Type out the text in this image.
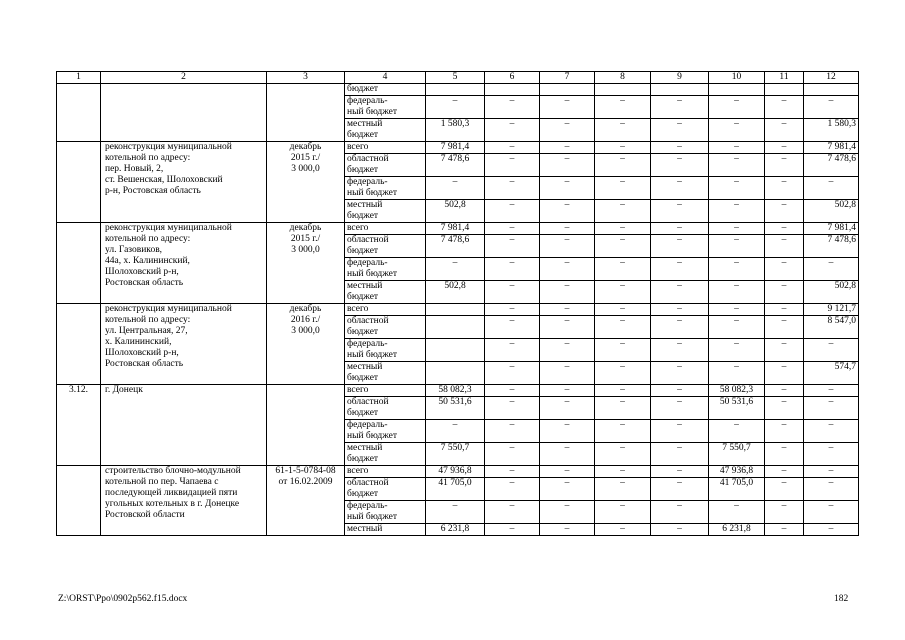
1	2	3	4	5	6	7	8	9	10	11	12
			бюджет								
			федераль-
ный бюджет	–	–	–	–	–	–	–	–
			местный
бюджет	1 580,3	–	–	–	–	–	–	1 580,3
	реконструкция муниципальной котельной по адресу:
пер. Новый, 2,
ст. Вешенская, Шолоховский
р-н, Ростовская область	декабрь
2015 г./
3 000,0	всего	7 981,4	–	–	–	–	–	–	7 981,4
			областной
бюджет	7 478,6	–	–	–	–	–	–	7 478,6
			федераль-
ный бюджет	–	–	–	–	–	–	–	–
			местный
бюджет	502,8	–	–	–	–	–	–	502,8
	реконструкция муниципальной котельной по адресу:
ул. Газовиков,
44а, х. Калининский,
Шолоховский р-н,
Ростовская область	декабрь
2015 г./
3 000,0	всего	7 981,4	–	–	–	–	–	–	7 981,4
			областной
бюджет	7 478,6	–	–	–	–	–	–	7 478,6
			федераль-
ный бюджет	–	–	–	–	–	–	–	–
			местный
бюджет	502,8	–	–	–	–	–	–	502,8
	реконструкция муниципальной котельной по адресу:
ул. Центральная, 27,
х. Калининский,
Шолоховский р-н,
Ростовская область	декабрь
2016 г./
3 000,0	всего		–	–	–	–	–	–	9 121,7
			областной
бюджет		–	–	–	–	–	–	8 547,0
			федераль-
ный бюджет		–	–	–	–	–	–	–
			местный
бюджет		–	–	–	–	–	–	574,7
3.12.	г. Донецк		всего	58 082,3	–	–	–	–	58 082,3	–	–
			областной
бюджет	50 531,6	–	–	–	–	50 531,6	–	–
			федераль-
ный бюджет	–	–	–	–	–	–	–	–
			местный
бюджет	7 550,7	–	–	–	–	7 550,7	–	–
	строительство блочно-модульной котельной по пер. Чапаева с последующей ликвидацией пяти угольных котельных в г. Донецке Ростовской области	61-1-5-0784-08
от 16.02.2009	всего	47 936,8	–	–	–	–	47 936,8	–	–
			областной
бюджет	41 705,0	–	–	–	–	41 705,0	–	–
			федераль-
ный бюджет	–	–	–	–	–	–	–	–
			местный	6 231,8	–	–	–	–	6 231,8	–	–
Z:\ORST\Ppo\0902p562.f15.docx	182
